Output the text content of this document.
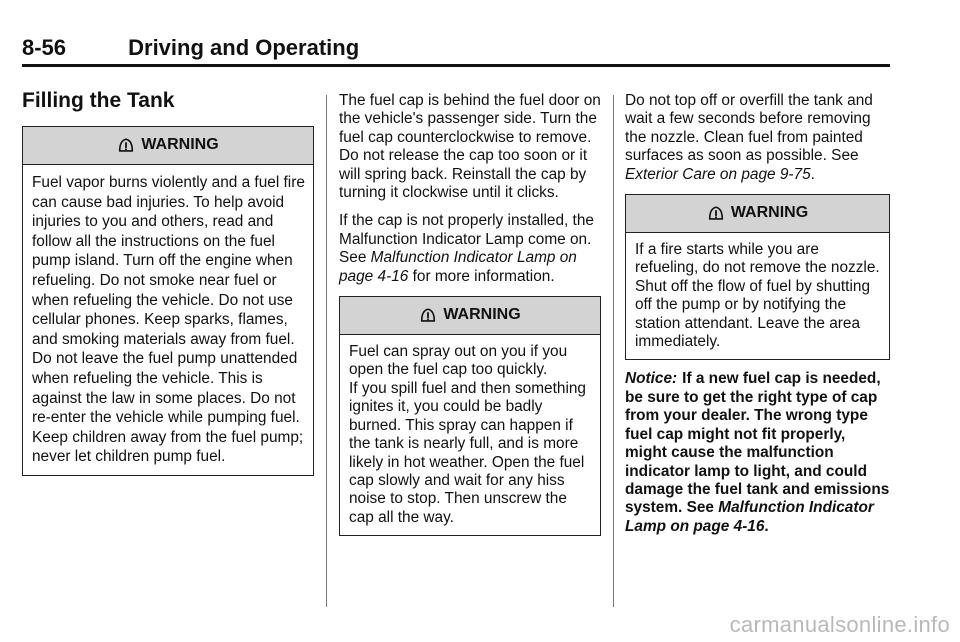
8-56	Driving and Operating
Filling the Tank
WARNING

Fuel vapor burns violently and a fuel fire can cause bad injuries. To help avoid injuries to you and others, read and follow all the instructions on the fuel pump island. Turn off the engine when refueling. Do not smoke near fuel or when refueling the vehicle. Do not use cellular phones. Keep sparks, flames, and smoking materials away from fuel. Do not leave the fuel pump unattended when refueling the vehicle. This is against the law in some places. Do not re-enter the vehicle while pumping fuel. Keep children away from the fuel pump; never let children pump fuel.

The fuel cap is behind the fuel door on the vehicle's passenger side. Turn the fuel cap counterclockwise to remove. Do not release the cap too soon or it will spring back. Reinstall the cap by turning it clockwise until it clicks.

If the cap is not properly installed, the Malfunction Indicator Lamp come on. See Malfunction Indicator Lamp on page 4-16 for more information.

WARNING

Fuel can spray out on you if you open the fuel cap too quickly.

If you spill fuel and then something ignites it, you could be badly burned. This spray can happen if the tank is nearly full, and is more likely in hot weather. Open the fuel cap slowly and wait for any hiss noise to stop. Then unscrew the cap all the way.

Do not top off or overfill the tank and wait a few seconds before removing the nozzle. Clean fuel from painted surfaces as soon as possible. See Exterior Care on page 9-75.

WARNING

If a fire starts while you are refueling, do not remove the nozzle. Shut off the flow of fuel by shutting off the pump or by notifying the station attendant. Leave the area immediately.

Notice: If a new fuel cap is needed, be sure to get the right type of cap from your dealer. The wrong type fuel cap might not fit properly, might cause the malfunction indicator lamp to light, and could damage the fuel tank and emissions system. See Malfunction Indicator Lamp on page 4-16.

carmanualsonline.info
